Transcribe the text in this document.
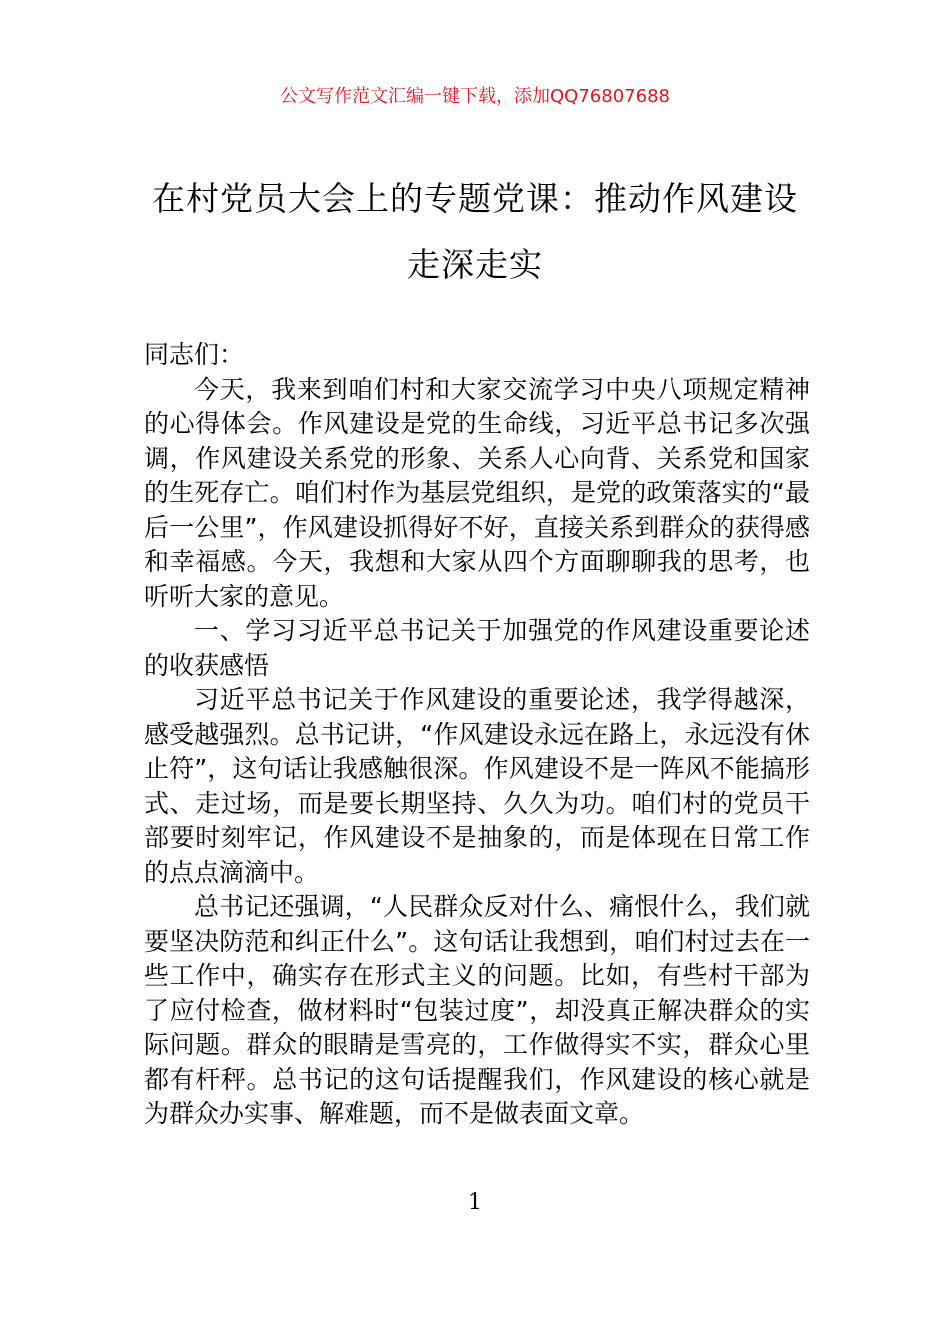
公文写作范文汇编一键下载，添加QQ76807688
在村党员大会上的专题党课：推动作风建设走深走实

同志们：

今天，我来到咱们村和大家交流学习中央八项规定精神的心得体会。作风建设是党的生命线，习近平总书记多次强调，作风建设关系党的形象、关系人心向背、关系党和国家的生死存亡。咱们村作为基层党组织，是党的政策落实的“最后一公里”，作风建设抓得好不好，直接关系到群众的获得感和幸福感。今天，我想和大家从四个方面聊聊我的思考，也听听大家的意见。

一、学习习近平总书记关于加强党的作风建设重要论述的收获感悟

习近平总书记关于作风建设的重要论述，我学得越深，感受越强烈。总书记讲，“作风建设永远在路上，永远没有休止符”，这句话让我感触很深。作风建设不是一阵风不能搞形式、走过场，而是要长期坚持、久久为功。咱们村的党员干部要时刻牢记，作风建设不是抽象的，而是体现在日常工作的点点滴滴中。

总书记还强调，“人民群众反对什么、痛恨什么，我们就要坚决防范和纠正什么”。这句话让我想到，咱们村过去在一些工作中，确实存在形式主义的问题。比如，有些村干部为了应付检查，做材料时“包装过度”，却没真正解决群众的实际问题。群众的眼睛是雪亮的，工作做得实不实，群众心里都有杆秤。总书记的这句话提醒我们，作风建设的核心就是为群众办实事、解难题，而不是做表面文章。

1
